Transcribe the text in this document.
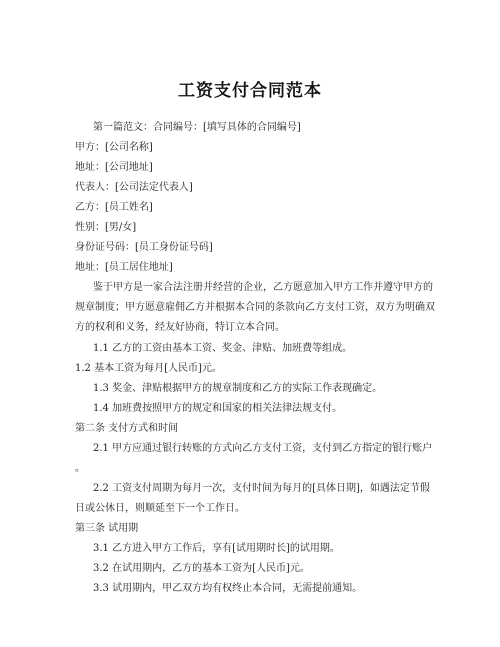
工资支付合同范本
第一篇范文：合同编号：[填写具体的合同编号]
甲方：[公司名称]
地址：[公司地址]
代表人：[公司法定代表人]
乙方：[员工姓名]
性别：[男/女]
身份证号码：[员工身份证号码]
地址：[员工居住地址]
鉴于甲方是一家合法注册并经营的企业，乙方愿意加入甲方工作并遵守甲方的
规章制度；甲方愿意雇佣乙方并根据本合同的条款向乙方支付工资，双方为明确双
方的权利和义务，经友好协商，特订立本合同。
1.1 乙方的工资由基本工资、奖金、津贴、加班费等组成。
1.2 基本工资为每月[人民币]元。
1.3 奖金、津贴根据甲方的规章制度和乙方的实际工作表现确定。
1.4 加班费按照甲方的规定和国家的相关法律法规支付。
第二条 支付方式和时间
2.1 甲方应通过银行转账的方式向乙方支付工资，支付到乙方指定的银行账户
。
2.2 工资支付周期为每月一次，支付时间为每月的[具体日期]，如遇法定节假
日或公休日，则顺延至下一个工作日。
第三条 试用期
3.1 乙方进入甲方工作后，享有[试用期时长]的试用期。
3.2 在试用期内，乙方的基本工资为[人民币]元。
3.3 试用期内，甲乙双方均有权终止本合同，无需提前通知。
